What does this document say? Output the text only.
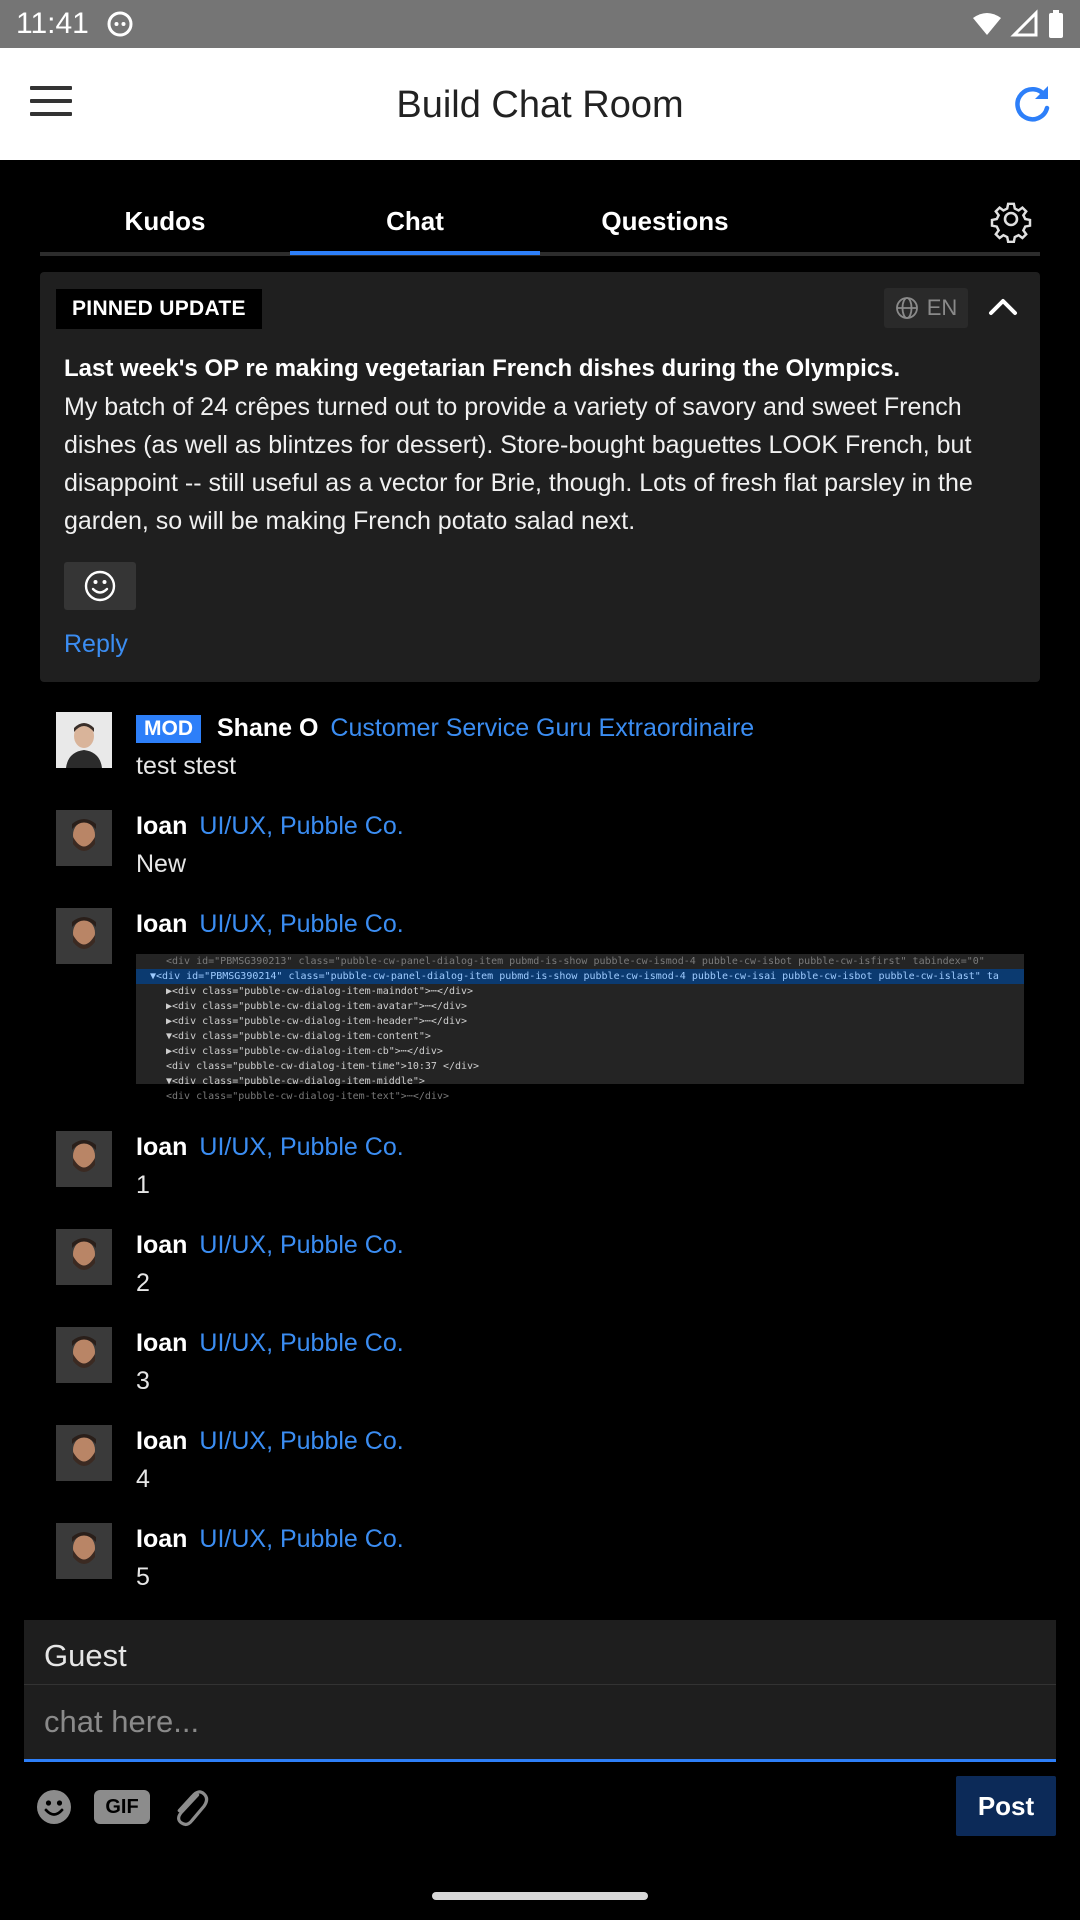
11:41
Build Chat Room
Kudos	Chat	Questions
PINNED UPDATE	EN
Last week's OP re making vegetarian French dishes during the Olympics.
My batch of 24 crêpes turned out to provide a variety of savory and sweet French dishes (as well as blintzes for dessert). Store-bought baguettes LOOK French, but disappoint -- still useful as a vector for Brie, though. Lots of fresh flat parsley in the garden, so will be making French potato salad next.
Reply
MOD Shane O Customer Service Guru Extraordinaire
test stest
Ioan UI/UX, Pubble Co.
New
Ioan UI/UX, Pubble Co.
<div id="PBMSG390213" class="pubble-cw-panel-dialog-item pubmd-is-show pubble-cw-ismod-4 pubble-cw-isbot pubble-cw-isfirst" tabindex="0"
▼<div id="PBMSG390214" class="pubble-cw-panel-dialog-item pubmd-is-show pubble-cw-ismod-4 pubble-cw-isai pubble-cw-isbot pubble-cw-islast" ta
▶<div class="pubble-cw-dialog-item-maindot">⋯</div>
▶<div class="pubble-cw-dialog-item-avatar">⋯</div>
▶<div class="pubble-cw-dialog-item-header">⋯</div>
▼<div class="pubble-cw-dialog-item-content">
▶<div class="pubble-cw-dialog-item-cb">⋯</div>
<div class="pubble-cw-dialog-item-time">10:37 </div>
▼<div class="pubble-cw-dialog-item-middle">
<div class="pubble-cw-dialog-item-text">⋯</div>
Ioan UI/UX, Pubble Co.
1
Ioan UI/UX, Pubble Co.
2
Ioan UI/UX, Pubble Co.
3
Ioan UI/UX, Pubble Co.
4
Ioan UI/UX, Pubble Co.
5
Guest
chat here...
GIF	Post
